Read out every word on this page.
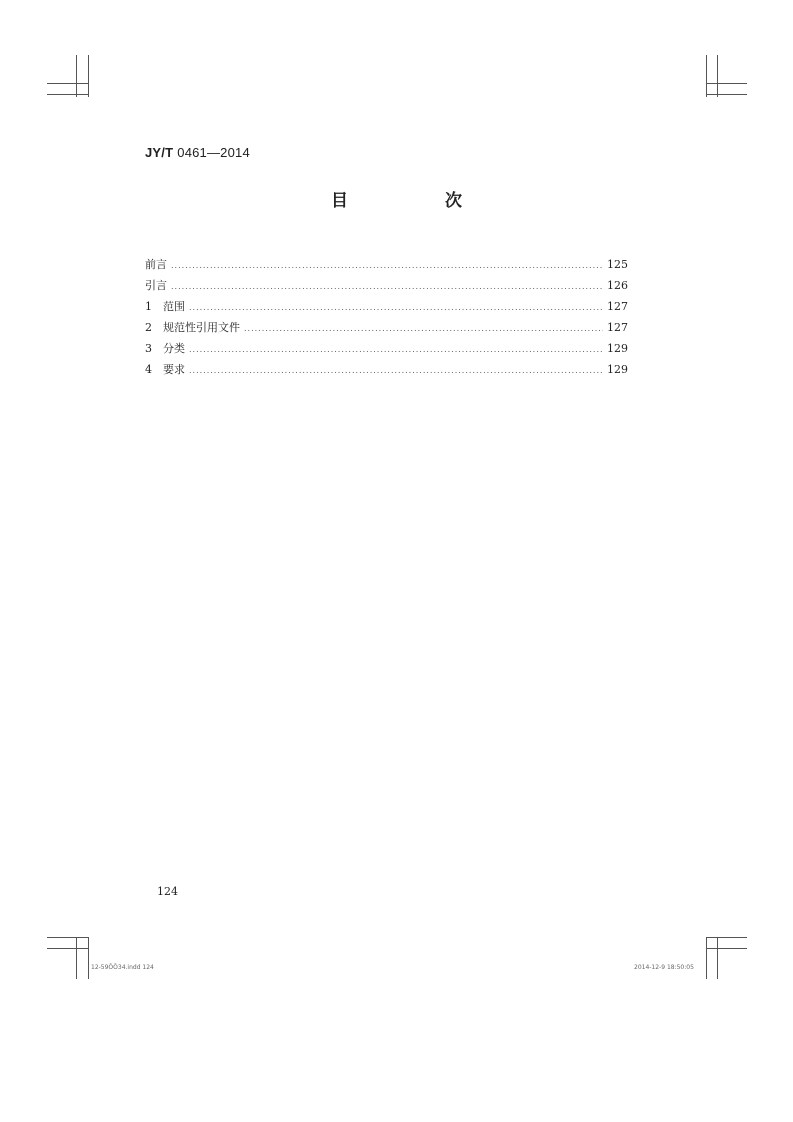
JY/T 0461—2014
目　次
前言 .....	125
引言 .....	126
1	范围 .....	127
2	规范性引用文件 .....	127
3	分类 .....	129
4	要求 .....	129
124
12-59ȌȌ34.indd 124	2014-12-9 18:50:05
